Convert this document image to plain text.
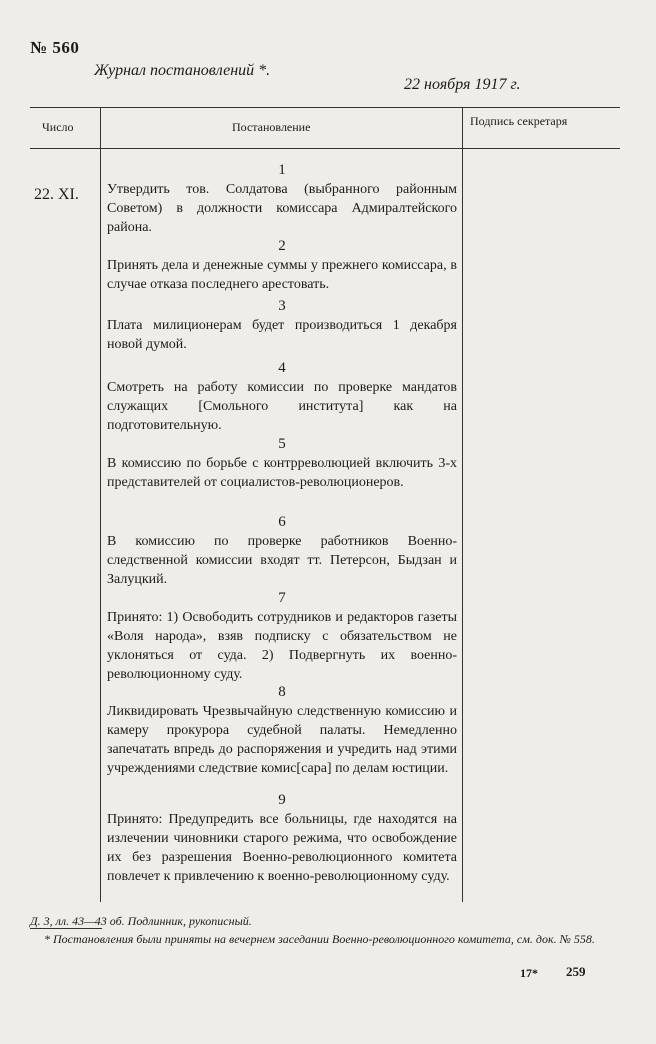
№ 560
Журнал постановлений *.
22 ноября 1917 г.
Число	Постановление	Подпись секретаря
22. XI.
1
Утвердить тов. Солдатова (выбранного районным Советом) в должности комиссара Адмиралтейского района.
2
Принять дела и денежные суммы у прежнего комиссара, в случае отказа последнего арестовать.
3
Плата милиционерам будет производиться 1 декабря новой думой.
4
Смотреть на работу комиссии по проверке мандатов служащих [Смольного института] как на подготовительную.
5
В комиссию по борьбе с контрреволюцией включить 3-х представителей от социалистов-революционеров.
6
В комиссию по проверке работников Военно-следственной комиссии входят тт. Петерсон, Быдзан и Залуцкий.
7
Принято: 1) Освободить сотрудников и редакторов газеты «Воля народа», взяв подписку с обязательством не уклоняться от суда. 2) Подвергнуть их военно-революционному суду.
8
Ликвидировать Чрезвычайную следственную комиссию и камеру прокурора судебной палаты. Немедленно запечатать впредь до распоряжения и учредить над этими учреждениями следствие комис[сара] по делам юстиции.
9
Принято: Предупредить все больницы, где находятся на излечении чиновники старого режима, что освобождение их без разрешения Военно-революционного комитета повлечет к привлечению к военно-революционному суду.
Д. 3, лл. 43—43 об. Подлинник, рукописный.
* Постановления были приняты на вечернем заседании Военно-революционного комитета, см. док. № 558.
17* 259
